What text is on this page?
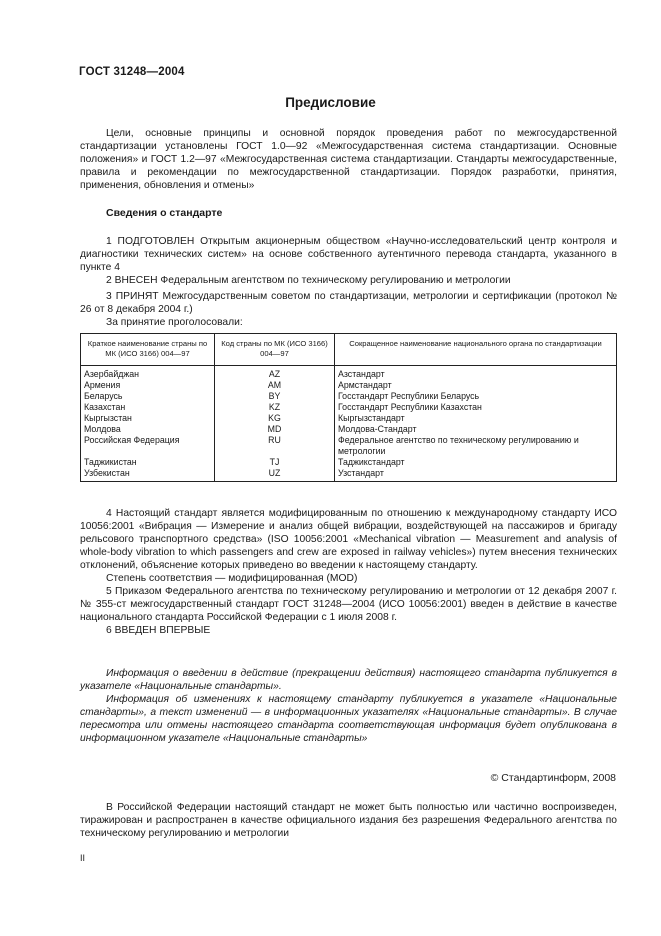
ГОСТ 31248—2004
Предисловие
Цели, основные принципы и основной порядок проведения работ по межгосударственной стандартизации установлены ГОСТ 1.0—92 «Межгосударственная система стандартизации. Основные положения» и ГОСТ 1.2—97 «Межгосударственная система стандартизации. Стандарты межгосударственные, правила и рекомендации по межгосударственной стандартизации. Порядок разработки, принятия, применения, обновления и отмены»
Сведения о стандарте
1 ПОДГОТОВЛЕН Открытым акционерным обществом «Научно-исследовательский центр контроля и диагностики технических систем» на основе собственного аутентичного перевода стандарта, указанного в пункте 4
2 ВНЕСЕН Федеральным агентством по техническому регулированию и метрологии
3 ПРИНЯТ Межгосударственным советом по стандартизации, метрологии и сертификации (протокол № 26 от 8 декабря 2004 г.)
За принятие проголосовали:
Краткое наименование страны по МК (ИСО 3166) 004—97	Код страны по МК (ИСО 3166) 004—97	Сокращенное наименование национального органа по стандартизации
Азербайджан	AZ	Азстандарт
Армения	AM	Армстандарт
Беларусь	BY	Госстандарт Республики Беларусь
Казахстан	KZ	Госстандарт Республики Казахстан
Кыргызстан	KG	Кыргызстандарт
Молдова	MD	Молдова-Стандарт
Российская Федерация	RU	Федеральное агентство по техническому регулированию и метрологии
Таджикистан	TJ	Таджикстандарт
Узбекистан	UZ	Узстандарт
4 Настоящий стандарт является модифицированным по отношению к международному стандарту ИСО 10056:2001 «Вибрация — Измерение и анализ общей вибрации, воздействующей на пассажиров и бригаду рельсового транспортного средства» (ISO 10056:2001 «Mechanical vibration — Measurement and analysis of whole-body vibration to which passengers and crew are exposed in railway vehicles») путем внесения технических отклонений, объяснение которых приведено во введении к настоящему стандарту.
Степень соответствия — модифицированная (MOD)
5 Приказом Федерального агентства по техническому регулированию и метрологии от 12 декабря 2007 г. № 355-ст межгосударственный стандарт ГОСТ 31248—2004 (ИСО 10056:2001) введен в действие в качестве национального стандарта Российской Федерации с 1 июля 2008 г.
6 ВВЕДЕН ВПЕРВЫЕ
Информация о введении в действие (прекращении действия) настоящего стандарта публикуется в указателе «Национальные стандарты».
Информация об изменениях к настоящему стандарту публикуется в указателе «Национальные стандарты», а текст изменений — в информационных указателях «Национальные стандарты». В случае пересмотра или отмены настоящего стандарта соответствующая информация будет опубликована в информационном указателе «Национальные стандарты»
© Стандартинформ, 2008
В Российской Федерации настоящий стандарт не может быть полностью или частично воспроизведен, тиражирован и распространен в качестве официального издания без разрешения Федерального агентства по техническому регулированию и метрологии
II
